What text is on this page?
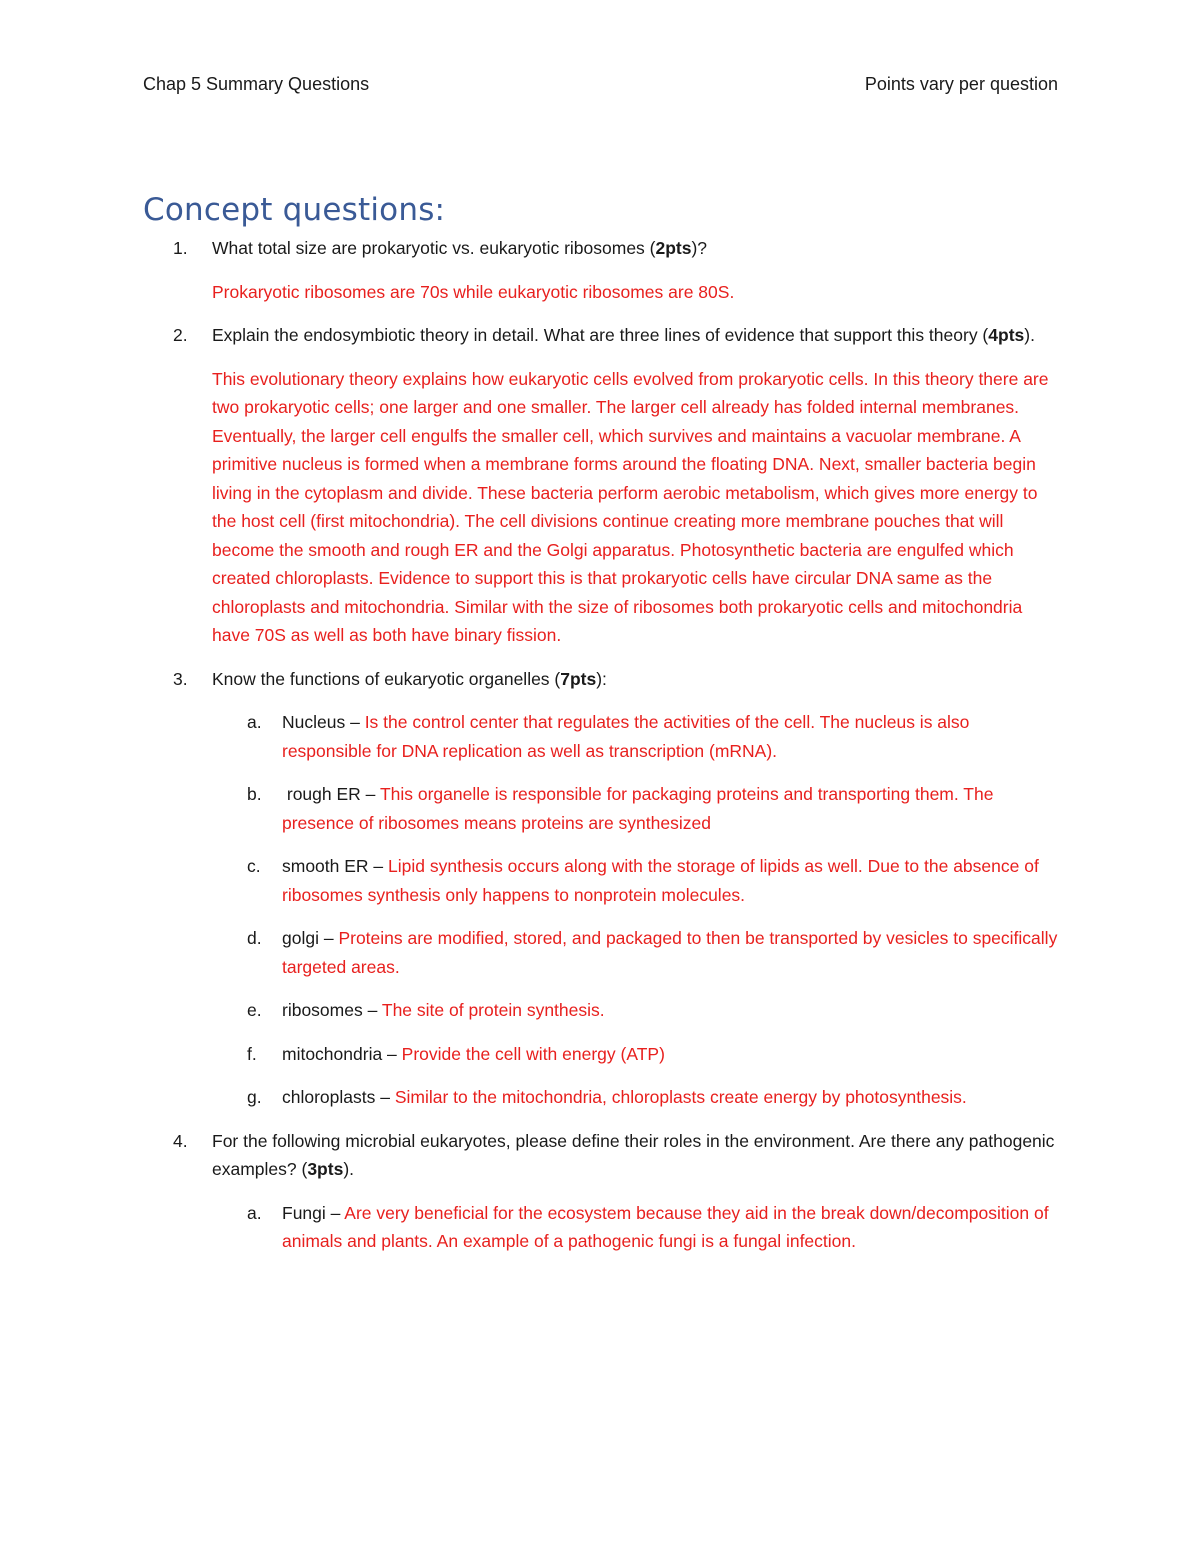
Chap 5 Summary Questions	Points vary per question
Concept questions:
1. What total size are prokaryotic vs. eukaryotic ribosomes (2pts)?
Prokaryotic ribosomes are 70s while eukaryotic ribosomes are 80S.
2. Explain the endosymbiotic theory in detail. What are three lines of evidence that support this theory (4pts).
This evolutionary theory explains how eukaryotic cells evolved from prokaryotic cells. In this theory there are two prokaryotic cells; one larger and one smaller. The larger cell already has folded internal membranes. Eventually, the larger cell engulfs the smaller cell, which survives and maintains a vacuolar membrane. A primitive nucleus is formed when a membrane forms around the floating DNA. Next, smaller bacteria begin living in the cytoplasm and divide. These bacteria perform aerobic metabolism, which gives more energy to the host cell (first mitochondria). The cell divisions continue creating more membrane pouches that will become the smooth and rough ER and the Golgi apparatus. Photosynthetic bacteria are engulfed which created chloroplasts. Evidence to support this is that prokaryotic cells have circular DNA same as the chloroplasts and mitochondria. Similar with the size of ribosomes both prokaryotic cells and mitochondria have 70S as well as both have binary fission.
3. Know the functions of eukaryotic organelles (7pts):
a. Nucleus – Is the control center that regulates the activities of the cell. The nucleus is also responsible for DNA replication as well as transcription (mRNA).
b. rough ER – This organelle is responsible for packaging proteins and transporting them. The presence of ribosomes means proteins are synthesized
c. smooth ER – Lipid synthesis occurs along with the storage of lipids as well. Due to the absence of ribosomes synthesis only happens to nonprotein molecules.
d. golgi – Proteins are modified, stored, and packaged to then be transported by vesicles to specifically targeted areas.
e. ribosomes – The site of protein synthesis.
f. mitochondria – Provide the cell with energy (ATP)
g. chloroplasts – Similar to the mitochondria, chloroplasts create energy by photosynthesis.
4. For the following microbial eukaryotes, please define their roles in the environment. Are there any pathogenic examples? (3pts).
a. Fungi – Are very beneficial for the ecosystem because they aid in the break down/decomposition of animals and plants. An example of a pathogenic fungi is a fungal infection.
